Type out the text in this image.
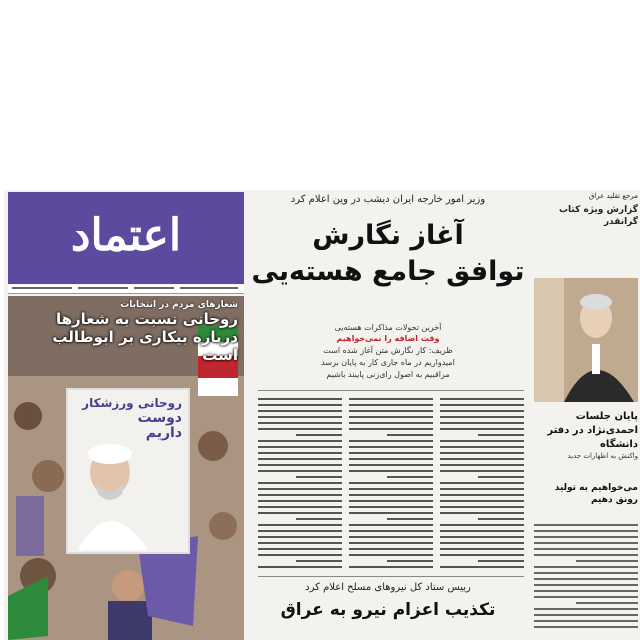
اعتماد
شعارهای مردم در انتخابات
روحانی نسبت به شعارها درباره بیکاری بر ابوطالب است
روحانی ورزشکار
دوست
داریم
وزیر امور خارجه ایران دیشب در وین اعلام کرد
آغاز نگارش
توافق جامع هسته‌یی
آخرین تحولات مذاکرات هسته‌یی
وقت اضافه را نمی‌خواهیم
ظریف: کار نگارش متن آغاز شده است
امیدواریم در ماه جاری کار به پایان برسد
مراقبیم به اصول رای‌زنی پایبند باشیم
رییس ستاد کل نیروهای مسلح اعلام کرد
تکذیب اعزام نیرو به عراق
مرجع تقلید عراق
گزارش ویژه کتاب گرانقدر
پایان جلسات احمدی‌نژاد در دفتر دانشگاه
واکنش به اظهارات جدید
می‌خواهیم به تولید رونق دهیم
